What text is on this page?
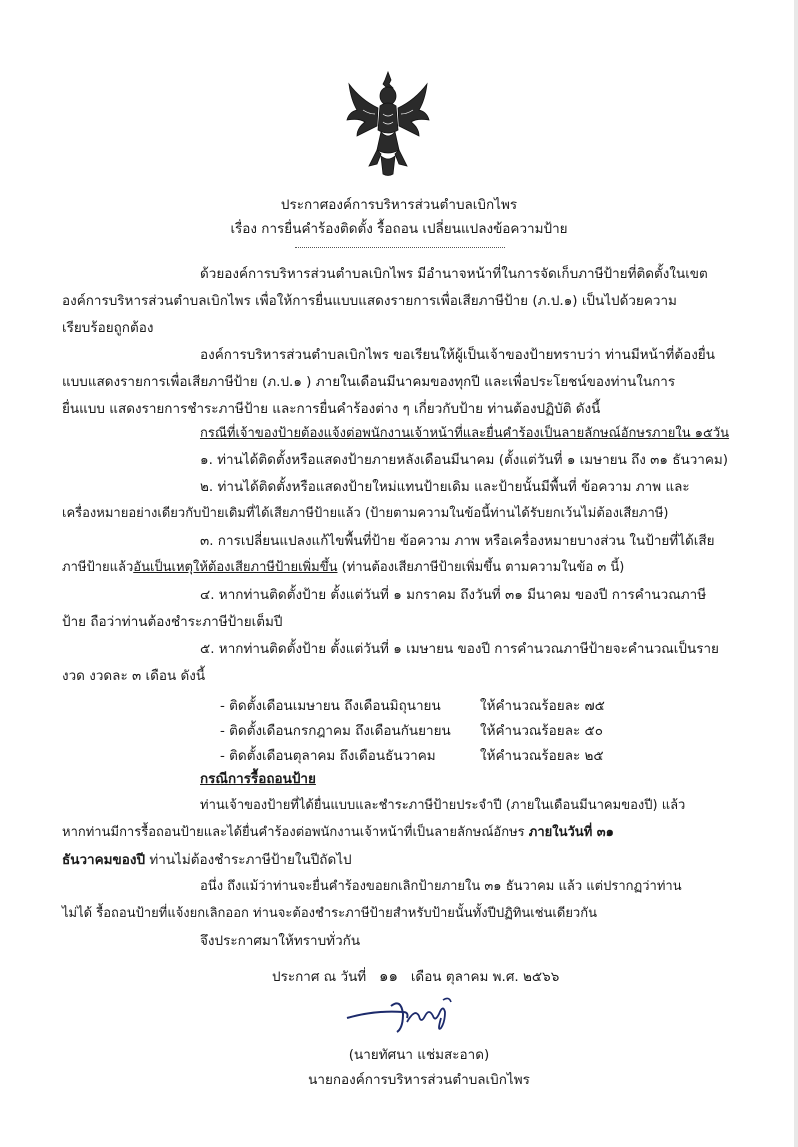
ประกาศองค์การบริหารส่วนตำบลเบิกไพร
เรื่อง การยื่นคำร้องติดตั้ง รื้อถอน เปลี่ยนแปลงข้อความป้าย
ด้วยองค์การบริหารส่วนตำบลเบิกไพร มีอำนาจหน้าที่ในการจัดเก็บภาษีป้ายที่ติดตั้งในเขต
องค์การบริหารส่วนตำบลเบิกไพร เพื่อให้การยื่นแบบแสดงรายการเพื่อเสียภาษีป้าย (ภ.ป.๑) เป็นไปด้วยความ
เรียบร้อยถูกต้อง
องค์การบริหารส่วนตำบลเบิกไพร ขอเรียนให้ผู้เป็นเจ้าของป้ายทราบว่า ท่านมีหน้าที่ต้องยื่น
แบบแสดงรายการเพื่อเสียภาษีป้าย (ภ.ป.๑ ) ภายในเดือนมีนาคมของทุกปี และเพื่อประโยชน์ของท่านในการ
ยื่นแบบ แสดงรายการชำระภาษีป้าย และการยื่นคำร้องต่าง ๆ เกี่ยวกับป้าย ท่านต้องปฏิบัติ ดังนี้
กรณีที่เจ้าของป้ายต้องแจ้งต่อพนักงานเจ้าหน้าที่และยื่นคำร้องเป็นลายลักษณ์อักษรภายใน ๑๕วัน
๑. ท่านได้ติดตั้งหรือแสดงป้ายภายหลังเดือนมีนาคม (ตั้งแต่วันที่ ๑ เมษายน ถึง ๓๑ ธันวาคม)
๒. ท่านได้ติดตั้งหรือแสดงป้ายใหม่แทนป้ายเดิม และป้ายนั้นมีพื้นที่ ข้อความ ภาพ และ
เครื่องหมายอย่างเดียวกับป้ายเดิมที่ได้เสียภาษีป้ายแล้ว (ป้ายตามความในข้อนี้ท่านได้รับยกเว้นไม่ต้องเสียภาษี)
๓. การเปลี่ยนแปลงแก้ไขพื้นที่ป้าย ข้อความ ภาพ หรือเครื่องหมายบางส่วน ในป้ายที่ได้เสีย
ภาษีป้ายแล้วอันเป็นเหตุให้ต้องเสียภาษีป้ายเพิ่มขึ้น (ท่านต้องเสียภาษีป้ายเพิ่มขึ้น ตามความในข้อ ๓ นี้)
๔. หากท่านติดตั้งป้าย ตั้งแต่วันที่ ๑ มกราคม ถึงวันที่ ๓๑ มีนาคม ของปี การคำนวณภาษี
ป้าย ถือว่าท่านต้องชำระภาษีป้ายเต็มปี
๕. หากท่านติดตั้งป้าย ตั้งแต่วันที่ ๑ เมษายน ของปี การคำนวณภาษีป้ายจะคำนวณเป็นราย
งวด งวดละ ๓ เดือน ดังนี้
- ติดตั้งเดือนเมษายน ถึงเดือนมิถุนายน	ให้คำนวณร้อยละ ๗๕
- ติดตั้งเดือนกรกฎาคม ถึงเดือนกันยายน ให้คำนวณร้อยละ ๕๐
- ติดตั้งเดือนตุลาคม ถึงเดือนธันวาคม	ให้คำนวณร้อยละ ๒๕
กรณีการรื้อถอนป้าย
ท่านเจ้าของป้ายที่ได้ยื่นแบบและชำระภาษีป้ายประจำปี (ภายในเดือนมีนาคมของปี) แล้ว
หากท่านมีการรื้อถอนป้ายและได้ยื่นคำร้องต่อพนักงานเจ้าหน้าที่เป็นลายลักษณ์อักษร ภายในวันที่ ๓๑
ธันวาคมของปี ท่านไม่ต้องชำระภาษีป้ายในปีถัดไป
อนึ่ง ถึงแม้ว่าท่านจะยื่นคำร้องขอยกเลิกป้ายภายใน ๓๑ ธันวาคม แล้ว แต่ปรากฏว่าท่าน
ไม่ได้ รื้อถอนป้ายที่แจ้งยกเลิกออก ท่านจะต้องชำระภาษีป้ายสำหรับป้ายนั้นทั้งปีปฏิทินเช่นเดียวกัน
จึงประกาศมาให้ทราบทั่วกัน
ประกาศ ณ วันที่ ๑๑ เดือน ตุลาคม พ.ศ. ๒๕๖๖
(นายทัศนา แช่มสะอาด)
นายกองค์การบริหารส่วนตำบลเบิกไพร
